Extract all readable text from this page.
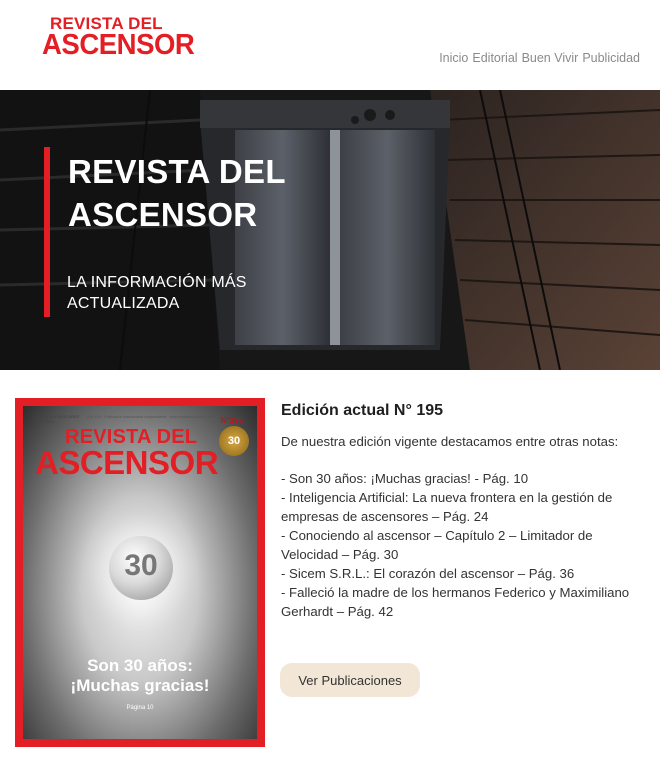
REVISTA DEL
ASCENSOR	Inicio Editorial Buen Vivir Publicidad
REVISTA DEL ASCENSOR
LA INFORMACIÓN MÁS ACTUALIZADA
PARRA | BUENOS AIRES
ABRIL 2024
Año XXX · Publicación Internacional Independiente · www.revistadelascensor.com N°195
REVISTA DEL
ASCENSOR
30
30
Son 30 años:
¡Muchas gracias!
Página 10
Edición actual N° 195
De nuestra edición vigente destacamos entre otras notas:
- Son 30 años: ¡Muchas gracias! - Pág. 10
- Inteligencia Artificial: La nueva frontera en la gestión de empresas de ascensores – Pág. 24
- Conociendo al ascensor – Capítulo 2 – Limitador de Velocidad – Pág. 30
- Sicem S.R.L.: El corazón del ascensor – Pág. 36
- Falleció la madre de los hermanos Federico y Maximiliano Gerhardt – Pág. 42
Ver Publicaciones
